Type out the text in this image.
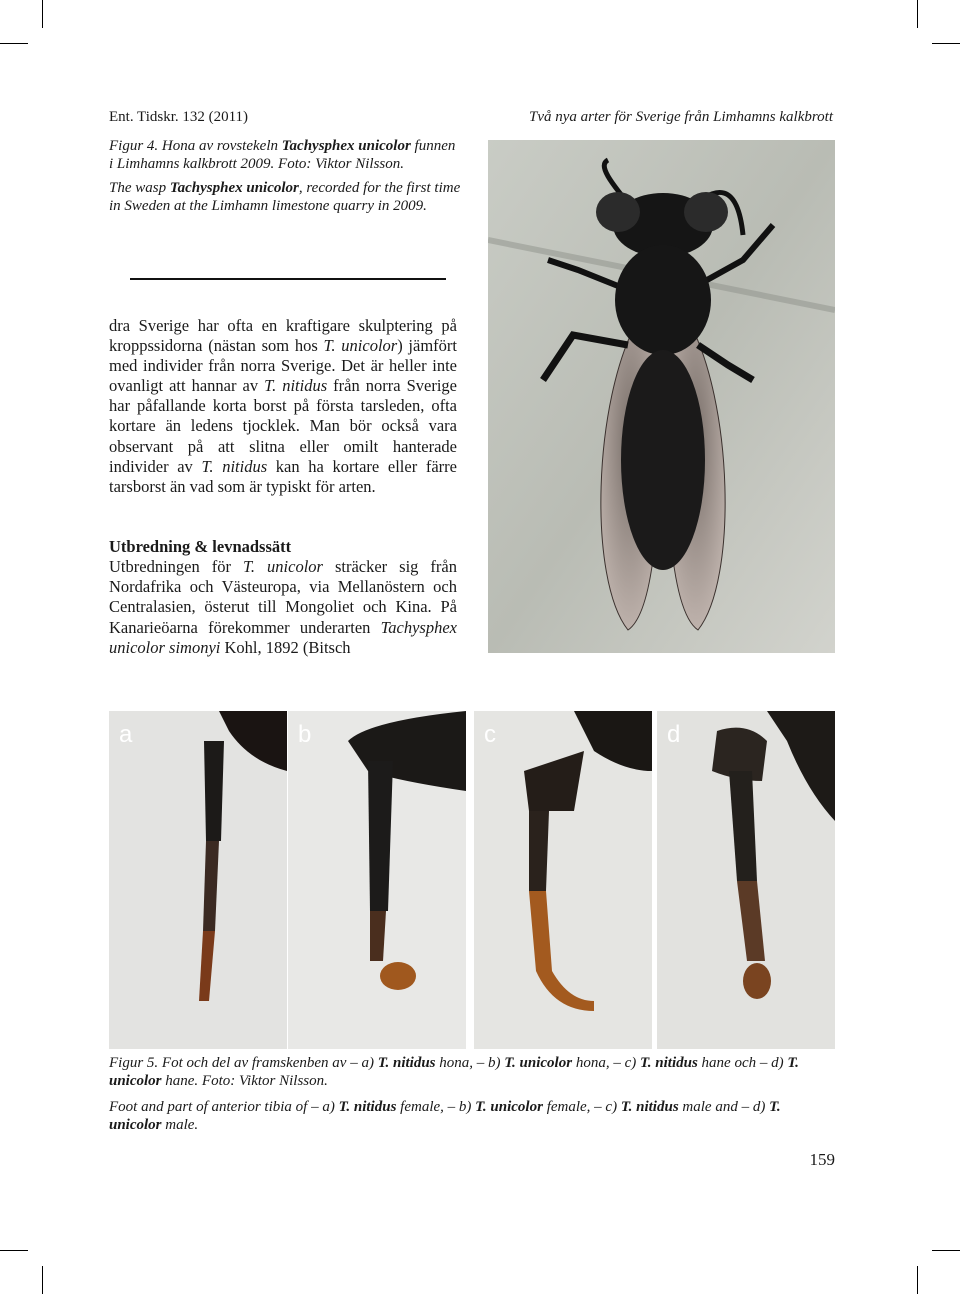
Ent. Tidskr. 132 (2011)	Två nya arter för Sverige från Limhamns kalkbrott

Figur 4. Hona av rovstekeln Tachysphex unicolor funnen i Limhamns kalkbrott 2009. Foto: Viktor Nilsson.

The wasp Tachysphex unicolor, recorded for the first time in Sweden at the Limhamn limestone quarry in 2009.

dra Sverige har ofta en kraftigare skulptering på kroppssidorna (nästan som hos T. unicolor) jämfört med individer från norra Sverige. Det är heller inte ovanligt att hannar av T. nitidus från norra Sverige har påfallande korta borst på första tarsleden, ofta kortare än ledens tjocklek. Man bör också vara observant på att slitna eller omilt hanterade individer av T. nitidus kan ha kortare eller färre tarsborst än vad som är typiskt för arten.

Utbredning & levnadssätt

Utbredningen för T. unicolor sträcker sig från Nordafrika och Västeuropa, via Mellanöstern och Centralasien, österut till Mongoliet och Kina. På Kanarieöarna förekommer underarten Tachysphex unicolor simonyi Kohl, 1892 (Bitsch

a	b	c	d

Figur 5. Fot och del av framskenben av – a) T. nitidus hona, – b) T. unicolor hona, – c) T. nitidus hane och – d) T. unicolor hane. Foto: Viktor Nilsson.

Foot and part of anterior tibia of – a) T. nitidus female, – b) T. unicolor female, – c) T. nitidus male and – d) T. unicolor male.

159
